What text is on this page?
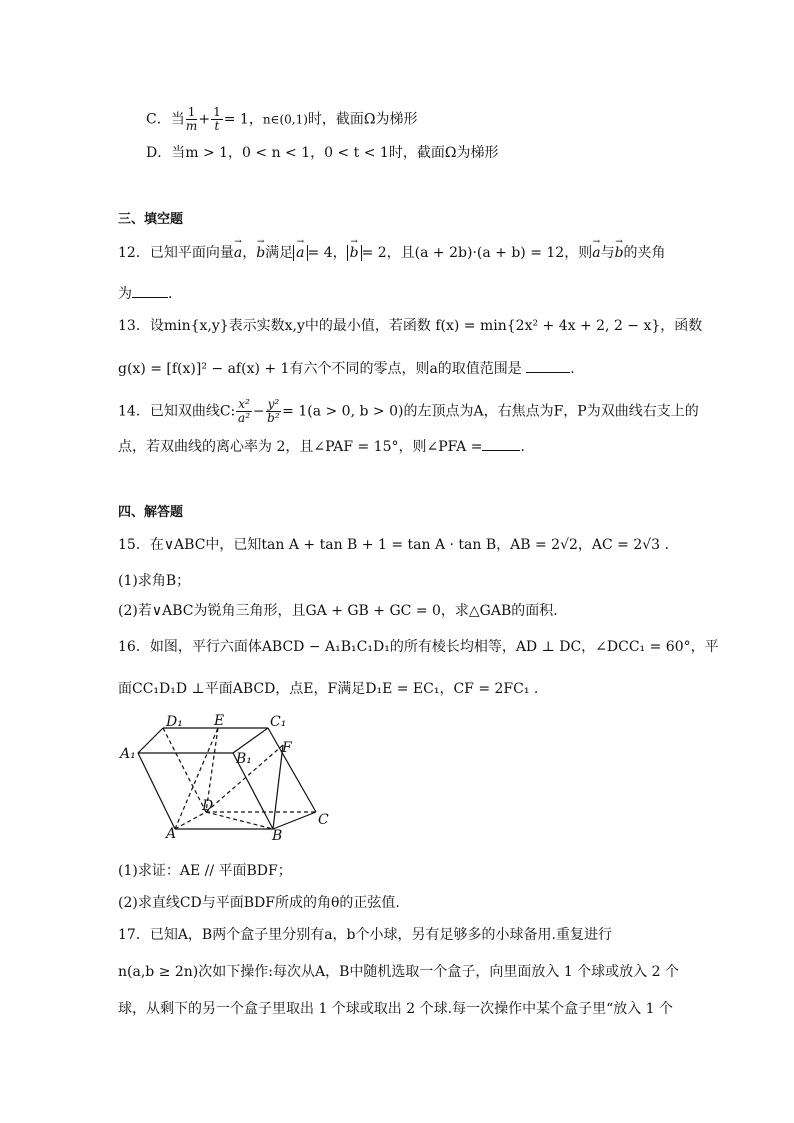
C．当 $\frac{1}{m} + \frac{1}{t} = 1$，n∈(0,1)时，截面Ω为梯形
D．当m > 1，0 < n < 1，0 < t < 1时，截面Ω为梯形
三、填空题
12．已知平面向量→ a，→ b满足 → a = 4， → b = 2，且(a + 2b)·(a + b) = 12，则→ a与→ b的夹角
为	．
13．设min{x,y}表示实数x,y中的最小值，若函数 f(x) = min{2x² + 4x + 2, 2 − x}，函数
g(x) = [f(x)]² − af(x) + 1有六个不同的零点，则a的取值范围是	．
14．已知双曲线C: $\frac{\text{x²}}{\text{a²}} - \frac{\text{y²}}{\text{b²}} = 1(a > 0$, b > 0)的左顶点为A，右焦点为F，P为双曲线右支上的
点，若双曲线的离心率为 2，且∠PAF = 15°，则∠PFA =	．
四、解答题
15．在∨ABC中，已知tan A + tan B + 1 = tan A · tan B，AB = 2√2，AC = 2√3 .
(1)求角B；
(2)若∨ABC为锐角三角形，且GA + GB + GC = 0，求△GAB的面积.
16．如图，平行六面体ABCD − A₁B₁C₁D₁的所有棱长均相等，AD ⊥ DC，∠DCC₁ = 60°，平
面CC₁D₁D ⊥平面ABCD，点E，F满足D₁E = EC₁，CF = 2FC₁ .
D₁ E	C₁
F
A₁	B₁
D
A	B
C
(1)求证：AE // 平面BDF；
(2)求直线CD与平面BDF所成的角θ的正弦值.
17．已知A，B两个盒子里分别有a，b个小球，另有足够多的小球备用.重复进行
n(a,b ≥ 2n)次如下操作:每次从A，B中随机选取一个盒子，向里面放入 1 个球或放入 2 个
球，从剩下的另一个盒子里取出 1 个球或取出 2 个球.每一次操作中某个盒子里“放入 1 个
